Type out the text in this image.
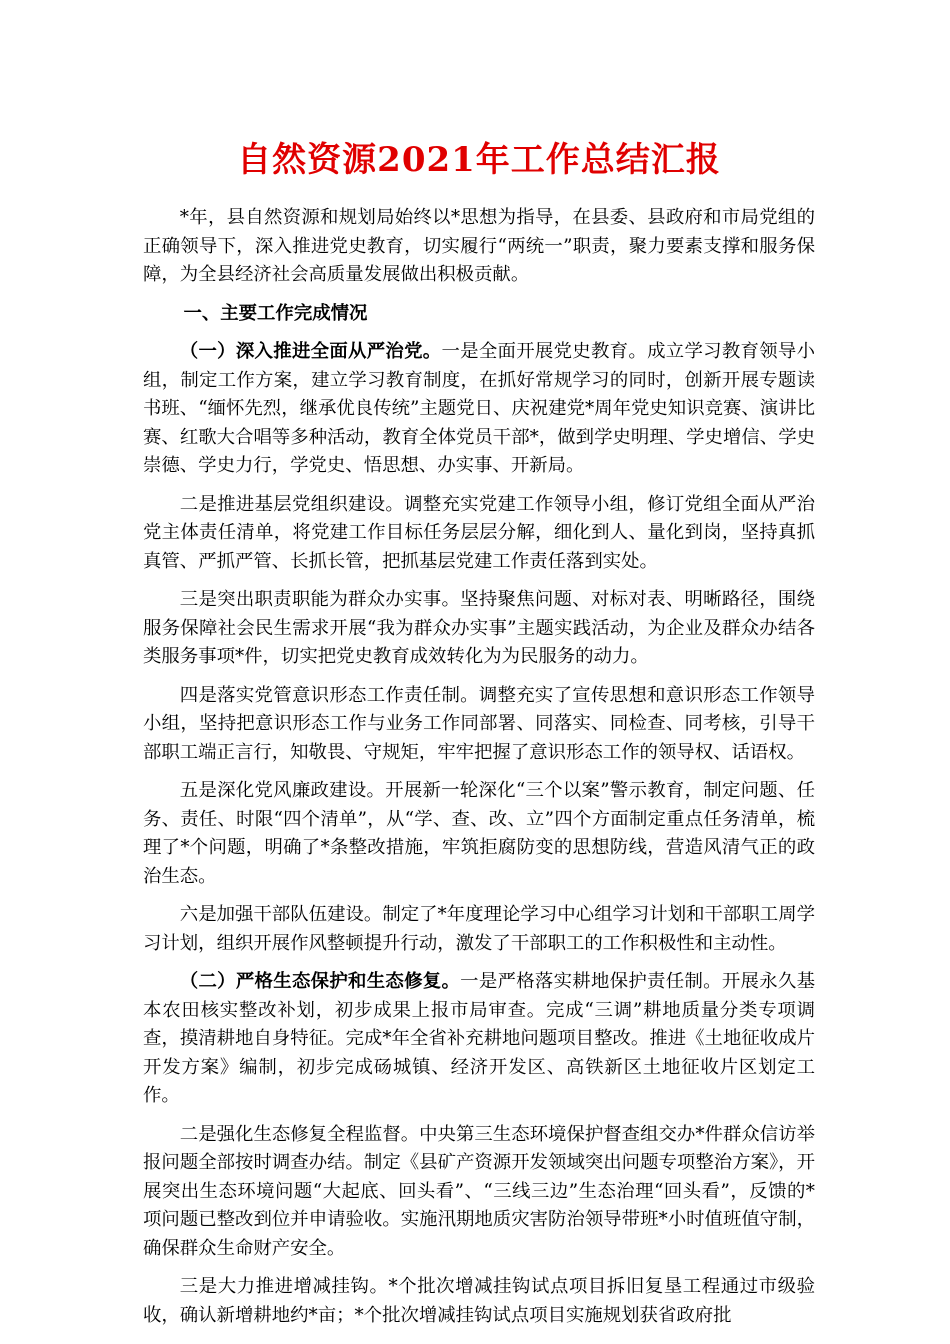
自然资源2021年工作总结汇报

*年，县自然资源和规划局始终以*思想为指导，在县委、县政府和市局党组的正确领导下，深入推进党史教育，切实履行“两统一”职责，聚力要素支撑和服务保障，为全县经济社会高质量发展做出积极贡献。

一、主要工作完成情况

（一）深入推进全面从严治党。一是全面开展党史教育。成立学习教育领导小组，制定工作方案，建立学习教育制度，在抓好常规学习的同时，创新开展专题读书班、“缅怀先烈，继承优良传统”主题党日、庆祝建党*周年党史知识竞赛、演讲比赛、红歌大合唱等多种活动，教育全体党员干部*，做到学史明理、学史增信、学史崇德、学史力行，学党史、悟思想、办实事、开新局。

二是推进基层党组织建设。调整充实党建工作领导小组，修订党组全面从严治党主体责任清单，将党建工作目标任务层层分解，细化到人、量化到岗，坚持真抓真管、严抓严管、长抓长管，把抓基层党建工作责任落到实处。

三是突出职责职能为群众办实事。坚持聚焦问题、对标对表、明晰路径，围绕服务保障社会民生需求开展“我为群众办实事”主题实践活动，为企业及群众办结各类服务事项*件，切实把党史教育成效转化为为民服务的动力。

四是落实党管意识形态工作责任制。调整充实了宣传思想和意识形态工作领导小组，坚持把意识形态工作与业务工作同部署、同落实、同检查、同考核，引导干部职工端正言行，知敬畏、守规矩，牢牢把握了意识形态工作的领导权、话语权。

五是深化党风廉政建设。开展新一轮深化“三个以案”警示教育，制定问题、任务、责任、时限“四个清单”，从“学、查、改、立”四个方面制定重点任务清单，梳理了*个问题，明确了*条整改措施，牢筑拒腐防变的思想防线，营造风清气正的政治生态。

六是加强干部队伍建设。制定了*年度理论学习中心组学习计划和干部职工周学习计划，组织开展作风整顿提升行动，激发了干部职工的工作积极性和主动性。

（二）严格生态保护和生态修复。一是严格落实耕地保护责任制。开展永久基本农田核实整改补划，初步成果上报市局审查。完成“三调”耕地质量分类专项调查，摸清耕地自身特征。完成*年全省补充耕地问题项目整改。推进《土地征收成片开发方案》编制，初步完成砀城镇、经济开发区、高铁新区土地征收片区划定工作。

二是强化生态修复全程监督。中央第三生态环境保护督查组交办*件群众信访举报问题全部按时调查办结。制定《县矿产资源开发领域突出问题专项整治方案》，开展突出生态环境问题“大起底、回头看”、“三线三边”生态治理“回头看”，反馈的*项问题已整改到位并申请验收。实施汛期地质灾害防治领导带班*小时值班值守制，确保群众生命财产安全。

三是大力推进增减挂钩。*个批次增减挂钩试点项目拆旧复垦工程通过市级验收，确认新增耕地约*亩；*个批次增减挂钩试点项目实施规划获省政府批
